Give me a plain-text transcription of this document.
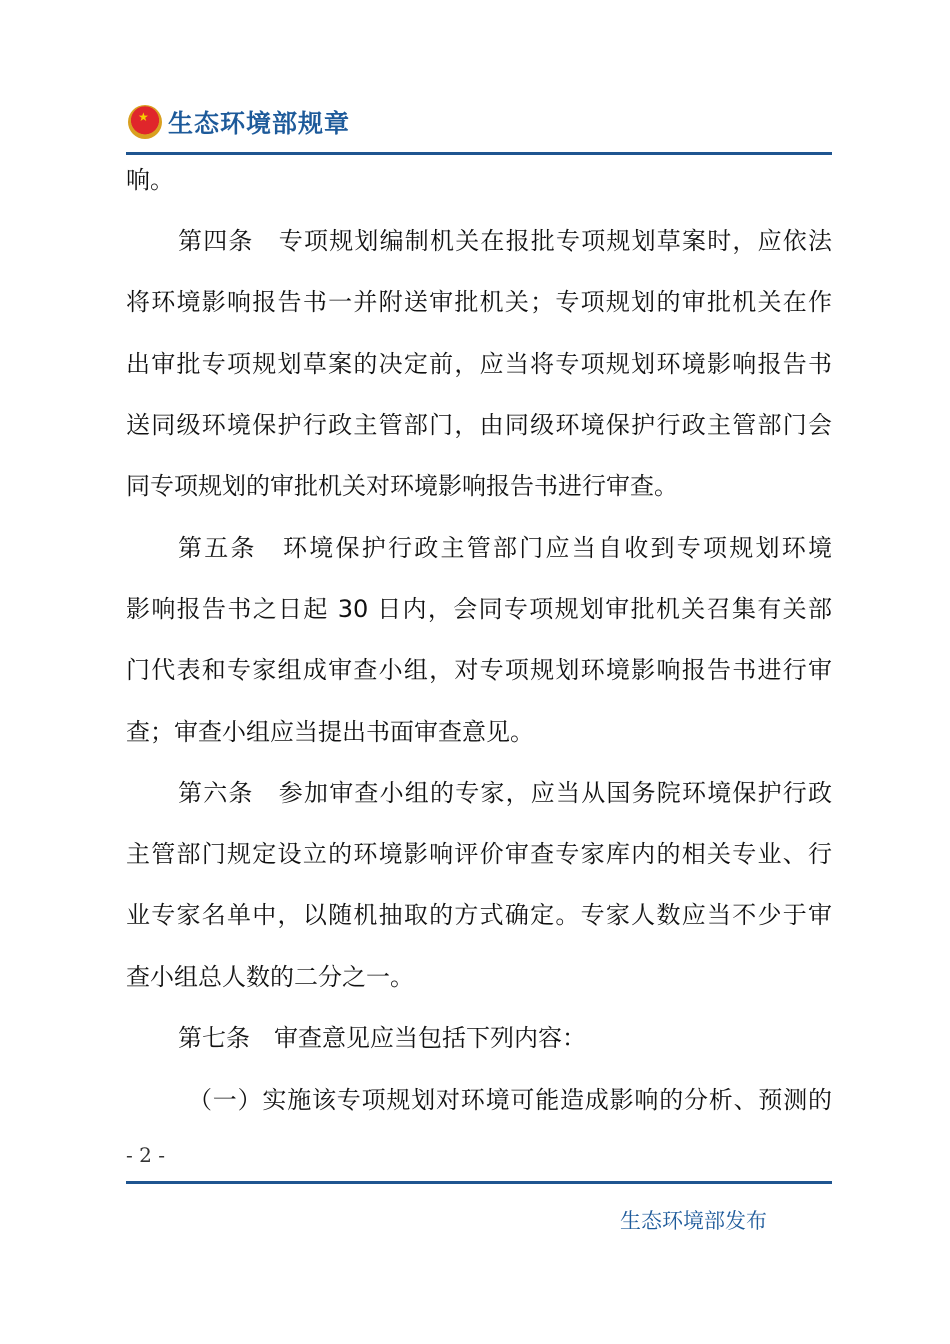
★
生态环境部规章
响。
第四条　专项规划编制机关在报批专项规划草案时，应依法
将环境影响报告书一并附送审批机关；专项规划的审批机关在作
出审批专项规划草案的决定前，应当将专项规划环境影响报告书
送同级环境保护行政主管部门，由同级环境保护行政主管部门会
同专项规划的审批机关对环境影响报告书进行审查。
第五条　环境保护行政主管部门应当自收到专项规划环境
影响报告书之日起 30 日内，会同专项规划审批机关召集有关部
门代表和专家组成审查小组，对专项规划环境影响报告书进行审
查；审查小组应当提出书面审查意见。
第六条　参加审查小组的专家，应当从国务院环境保护行政
主管部门规定设立的环境影响评价审查专家库内的相关专业、行
业专家名单中，以随机抽取的方式确定。专家人数应当不少于审
查小组总人数的二分之一。
第七条　审查意见应当包括下列内容：
（一）实施该专项规划对环境可能造成影响的分析、预测的
- 2 -
生态环境部发布
